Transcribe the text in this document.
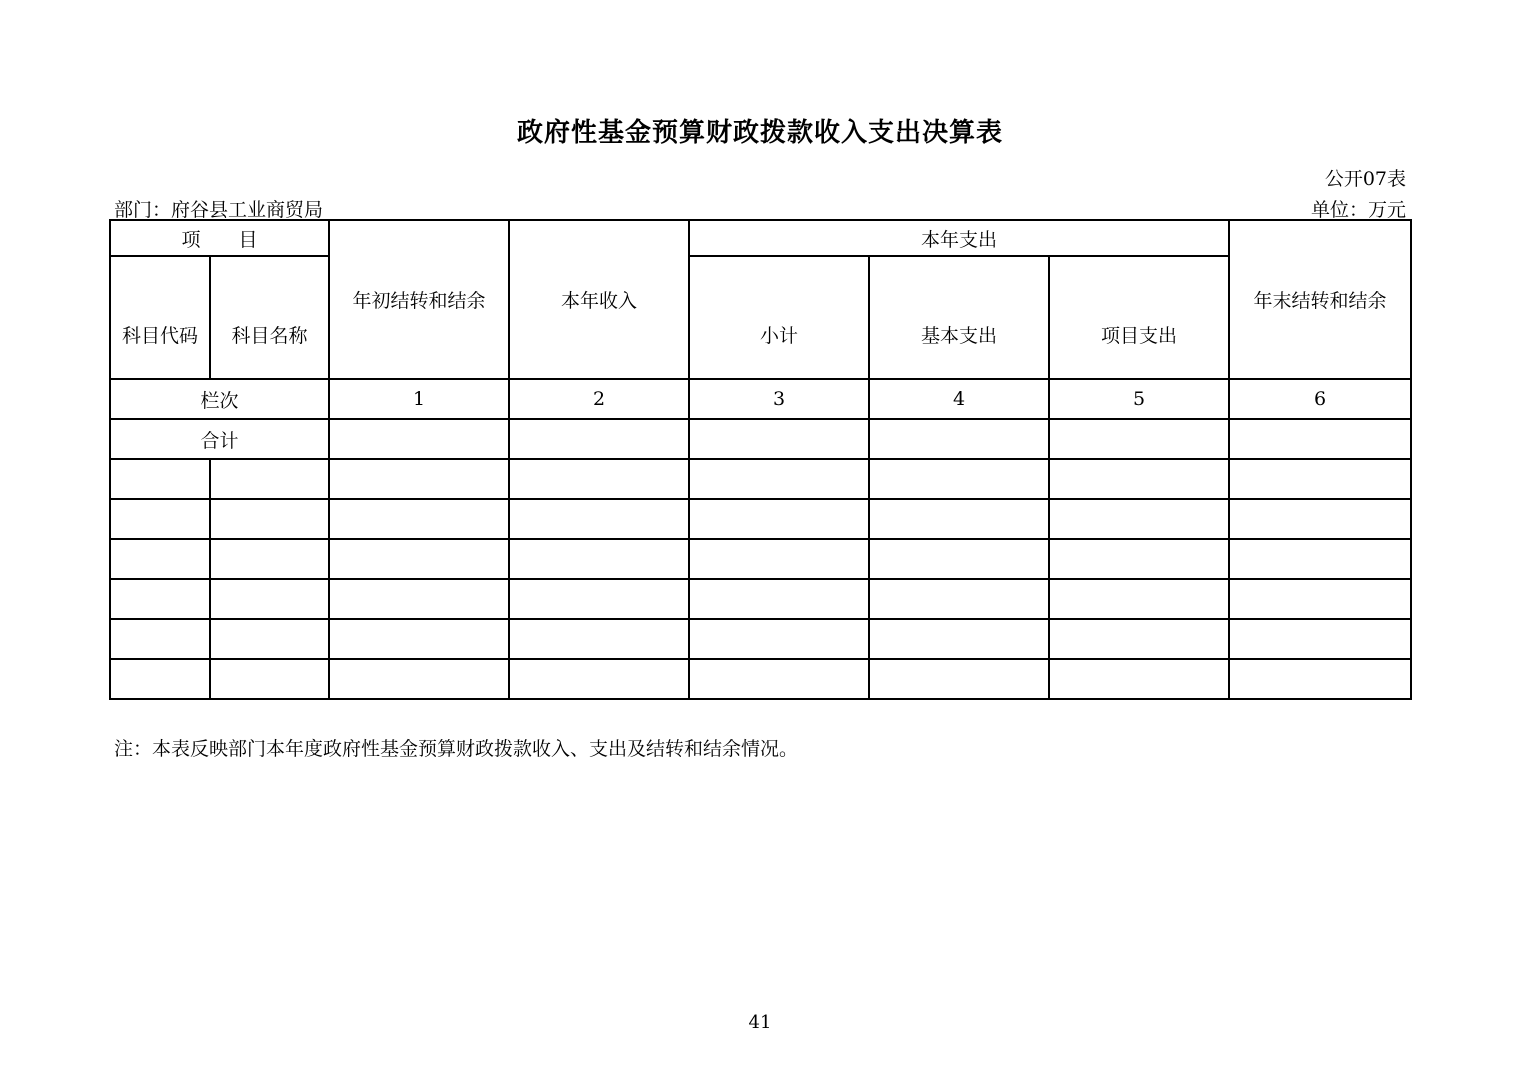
政府性基金预算财政拨款收入支出决算表
公开07表
部门：府谷县工业商贸局	单位：万元
项　　目		年初结转和结余	本年收入	本年支出			年末结转和结余
科目代码	科目名称			小计	基本支出	项目支出	
栏次		1	2	3	4	5	6
合计							

注：本表反映部门本年度政府性基金预算财政拨款收入、支出及结转和结余情况。
41
